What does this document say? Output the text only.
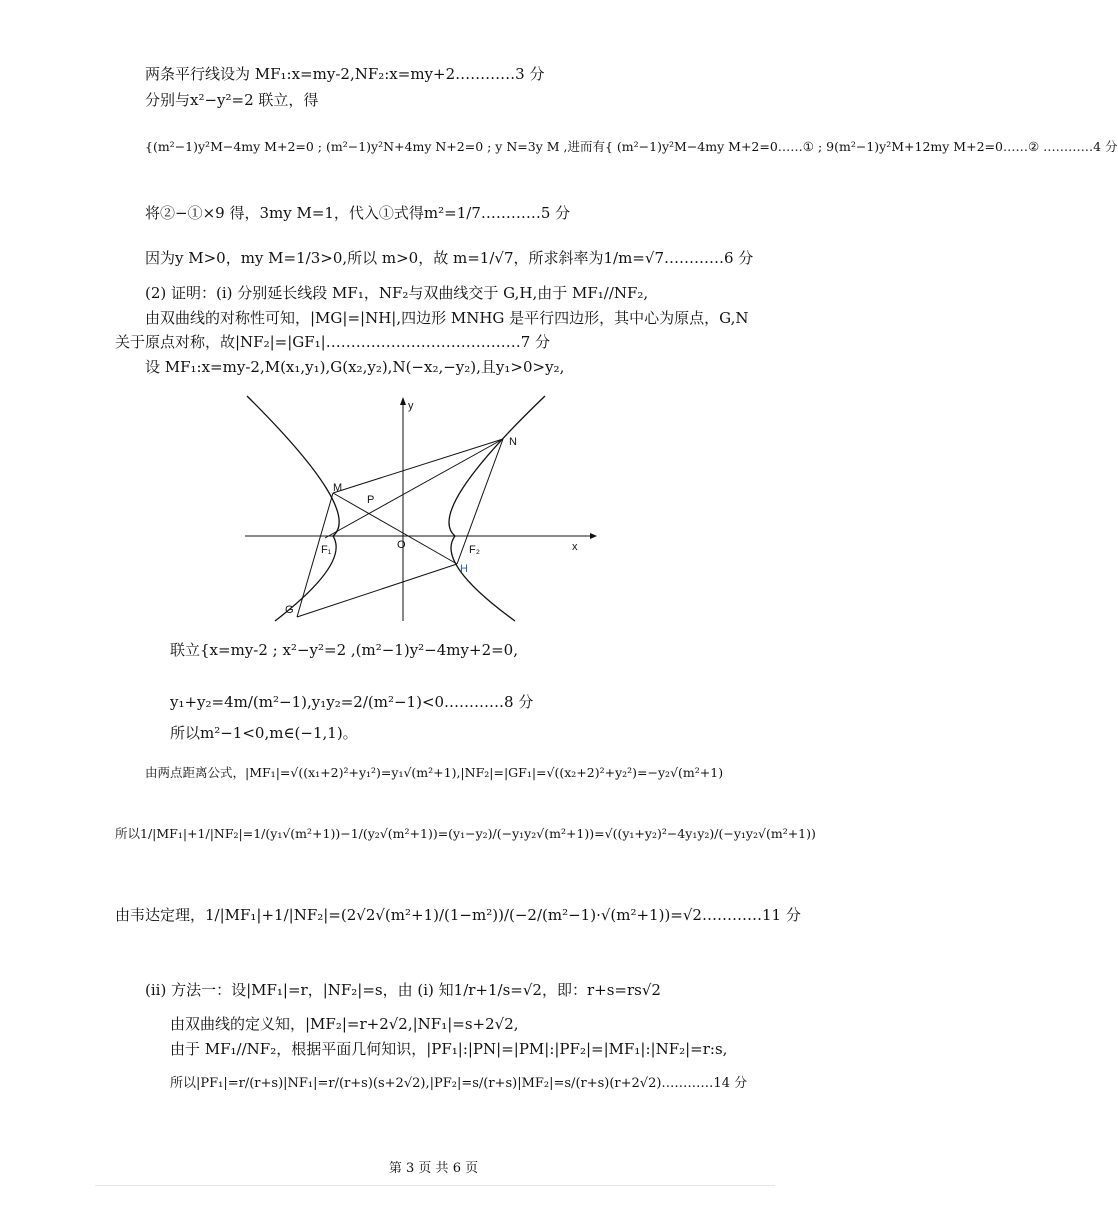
两条平行线设为 MF₁:x=my-2,NF₂:x=my+2…………3 分
分别与x²−y²=2 联立，得
{(m²−1)y²M−4my M+2=0 ; (m²−1)y²N+4my N+2=0 ; y N=3y M ,进而有{ (m²−1)y²M−4my M+2=0……① ; 9(m²−1)y²M+12my M+2=0……② …………4 分
将②−①×9 得，3my M=1，代入①式得m²=1/7…………5 分
因为y M>0，my M=1/3>0,所以 m>0，故 m=1/√7，所求斜率为1/m=√7…………6 分
(2) 证明：(i) 分别延长线段 MF₁，NF₂与双曲线交于 G,H,由于 MF₁//NF₂,
由双曲线的对称性可知，|MG|=|NH|,四边形 MNHG 是平行四边形，其中心为原点，G,N
关于原点对称，故|NF₂|=|GF₁|…………………………………7 分
设 MF₁:x=my-2,M(x₁,y₁),G(x₂,y₂),N(−x₂,−y₂),且y₁>0>y₂,
y
x
O
F₁	F₂
M
N
P
G
H
联立{x=my-2 ; x²−y²=2 ,(m²−1)y²−4my+2=0,
y₁+y₂=4m/(m²−1),y₁y₂=2/(m²−1)<0…………8 分
所以m²−1<0,m∈(−1,1)。
由两点距离公式，|MF₁|=√((x₁+2)²+y₁²)=y₁√(m²+1),|NF₂|=|GF₁|=√((x₂+2)²+y₂²)=−y₂√(m²+1)
所以1/|MF₁|+1/|NF₂|=1/(y₁√(m²+1))−1/(y₂√(m²+1))=(y₁−y₂)/(−y₁y₂√(m²+1))=√((y₁+y₂)²−4y₁y₂)/(−y₁y₂√(m²+1))
由韦达定理，1/|MF₁|+1/|NF₂|=(2√2√(m²+1)/(1−m²))/(−2/(m²−1)·√(m²+1))=√2…………11 分
(ii) 方法一：设|MF₁|=r，|NF₂|=s，由 (i) 知1/r+1/s=√2，即：r+s=rs√2
由双曲线的定义知，|MF₂|=r+2√2,|NF₁|=s+2√2,
由于 MF₁//NF₂，根据平面几何知识，|PF₁|:|PN|=|PM|:|PF₂|=|MF₁|:|NF₂|=r:s,
所以|PF₁|=r/(r+s)|NF₁|=r/(r+s)(s+2√2),|PF₂|=s/(r+s)|MF₂|=s/(r+s)(r+2√2)…………14 分
第 3 页 共 6 页
